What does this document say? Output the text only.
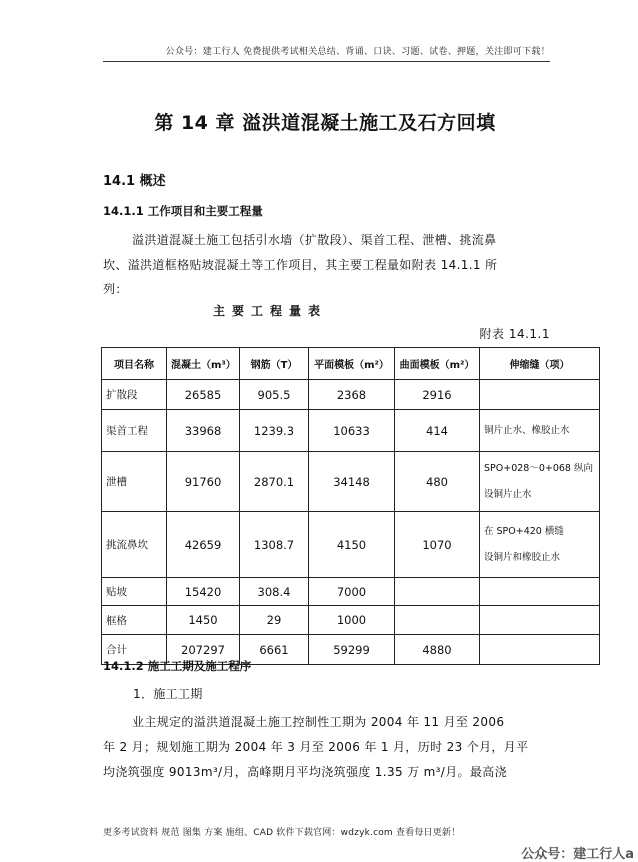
公众号：建工行人 免费提供考试相关总结、背诵、口诀、习题、试卷、押题，关注即可下载！
第 14 章 溢洪道混凝土施工及石方回填
14.1 概述
14.1.1 工作项目和主要工程量
溢洪道混凝土施工包括引水墙（扩散段）、渠首工程、泄槽、挑流鼻
坎、溢洪道框格贴坡混凝土等工作项目，其主要工程量如附表 14.1.1 所
列：
主要工程量表
附表 14.1.1
项目名称	混凝土（m³）	钢筋（T）	平面模板（m²）	曲面模板（m²）	伸缩缝（项）
扩散段	26585	905.5	2368	2916	
渠首工程	33968	1239.3	10633	414	铜片止水、橡胶止水

泄槽	91760	2870.1	34148	480	SPO+028～0+068 纵向
设铜片止水

挑流鼻坎	42659	1308.7	4150	1070	在 SPO+420 横缝
设铜片和橡胶止水

贴坡	15420	308.4	7000		
框格	1450	29	1000		
合计	207297	6661	59299	4880	
14.1.2 施工工期及施工程序
1．施工工期
业主规定的溢洪道混凝土施工控制性工期为 2004 年 11 月至 2006
年 2 月；规划施工期为 2004 年 3 月至 2006 年 1 月，历时 23 个月，月平
均浇筑强度 9013m³/月，高峰期月平均浇筑强度 1.35 万 m³/月。最高浇
更多考试资料 规范 图集 方案 施组、CAD 软件下载官网：wdzyk.com 查看每日更新！
公众号：建工行人a
